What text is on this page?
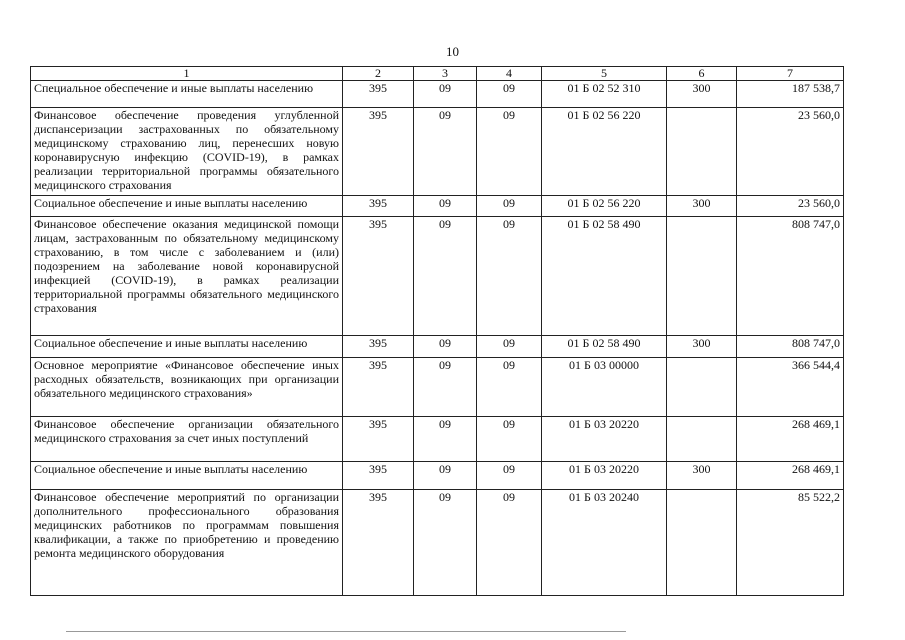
10
1	2	3	4	5	6	7
Специальное обеспечение и иные выплаты населению	395	09	09	01 Б 02 52 310	300	187 538,7
Финансовое обеспечение проведения углубленной диспансеризации застрахованных по обязательному медицинскому страхованию лиц, перенесших новую коронавирусную инфекцию (COVID-19), в рамках реализации территориальной программы обязательного медицинского страхования	395	09	09	01 Б 02 56 220		23 560,0
Социальное обеспечение и иные выплаты населению	395	09	09	01 Б 02 56 220	300	23 560,0
Финансовое обеспечение оказания медицинской помощи лицам, застрахованным по обязательному медицинскому страхованию, в том числе с заболеванием и (или) подозрением на заболевание новой коронавирусной инфекцией (COVID-19), в рамках реализации территориальной программы обязательного медицинского страхования	395	09	09	01 Б 02 58 490		808 747,0
Социальное обеспечение и иные выплаты населению	395	09	09	01 Б 02 58 490	300	808 747,0
Основное мероприятие «Финансовое обеспечение иных расходных обязательств, возникающих при организации обязательного медицинского страхования»	395	09	09	01 Б 03 00000		366 544,4
Финансовое обеспечение организации обязательного медицинского страхования за счет иных поступлений	395	09	09	01 Б 03 20220		268 469,1
Социальное обеспечение и иные выплаты населению	395	09	09	01 Б 03 20220	300	268 469,1
Финансовое обеспечение мероприятий по организации дополнительного профессионального образования медицинских работников по программам повышения квалификации, а также по приобретению и проведению ремонта медицинского оборудования	395	09	09	01 Б 03 20240		85 522,2
